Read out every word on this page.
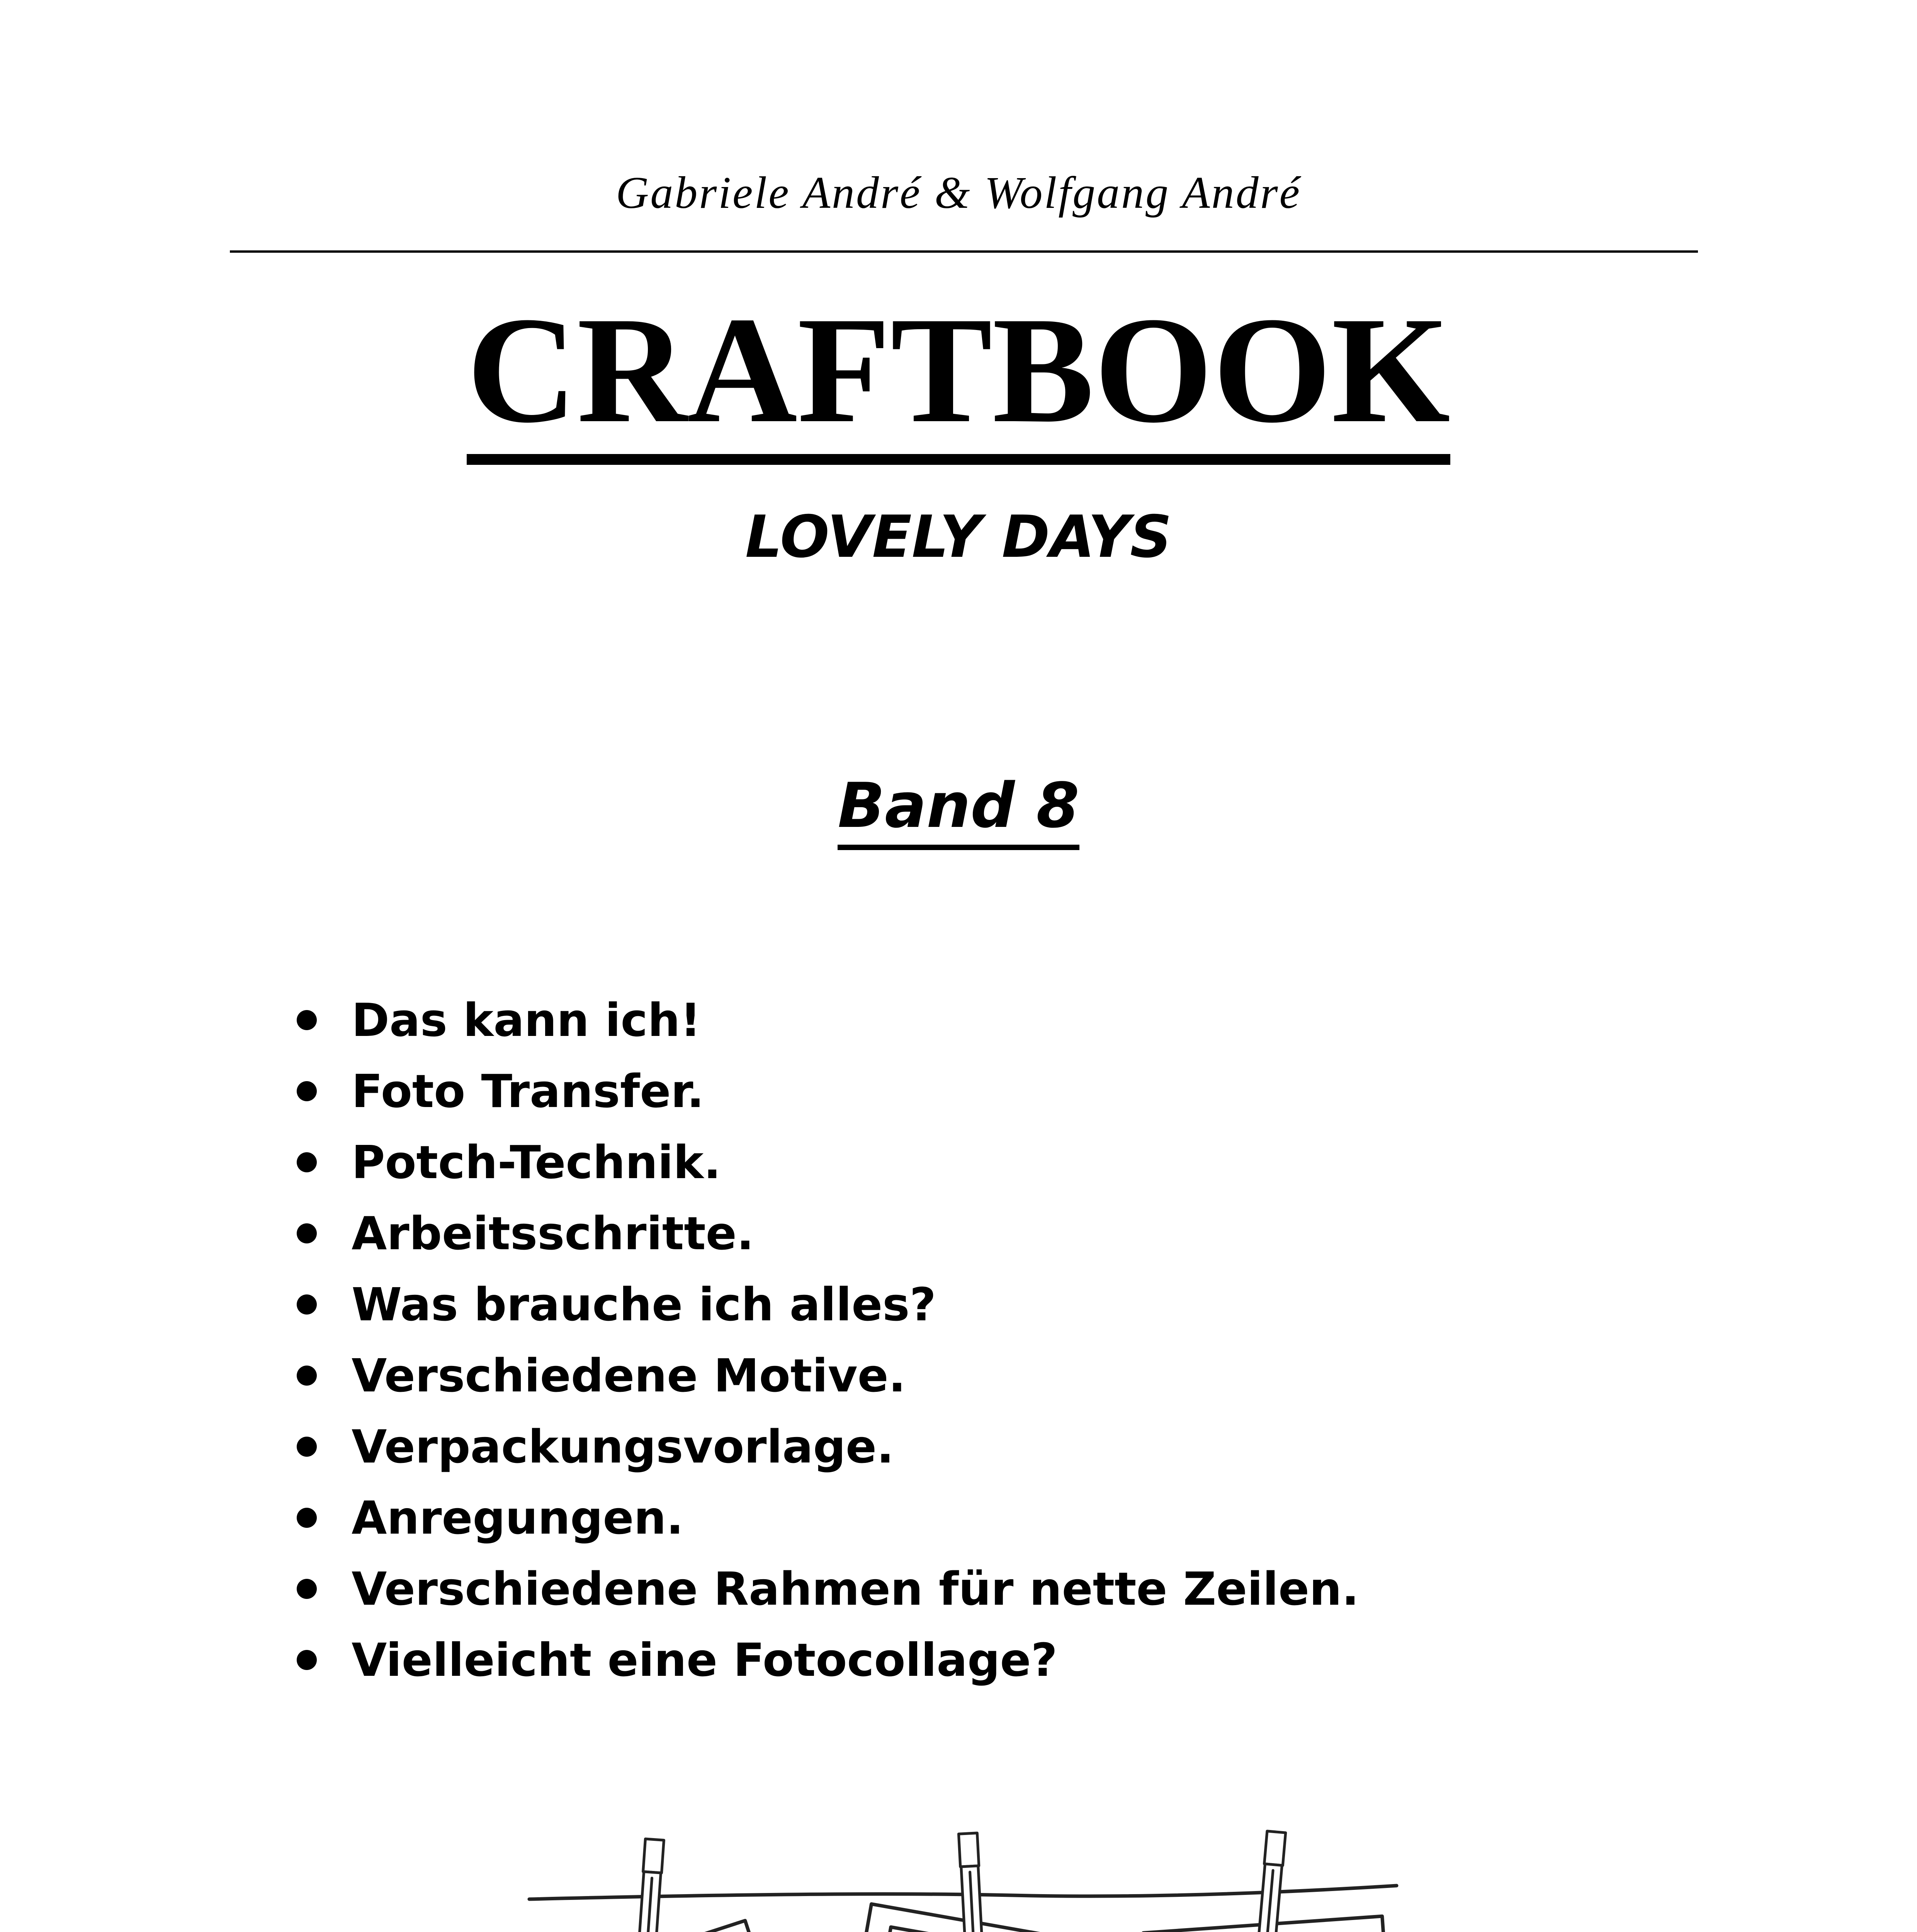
Gabriele André & Wolfgang André
CRAFTBOOK
LOVELY DAYS
Band 8
Das kann ich!
Foto Transfer.
Potch-Technik.
Arbeitsschritte.
Was brauche ich alles?
Verschiedene Motive.
Verpackungsvorlage.
Anregungen.
Verschiedene Rahmen für nette Zeilen.
Vielleicht eine Fotocollage?
